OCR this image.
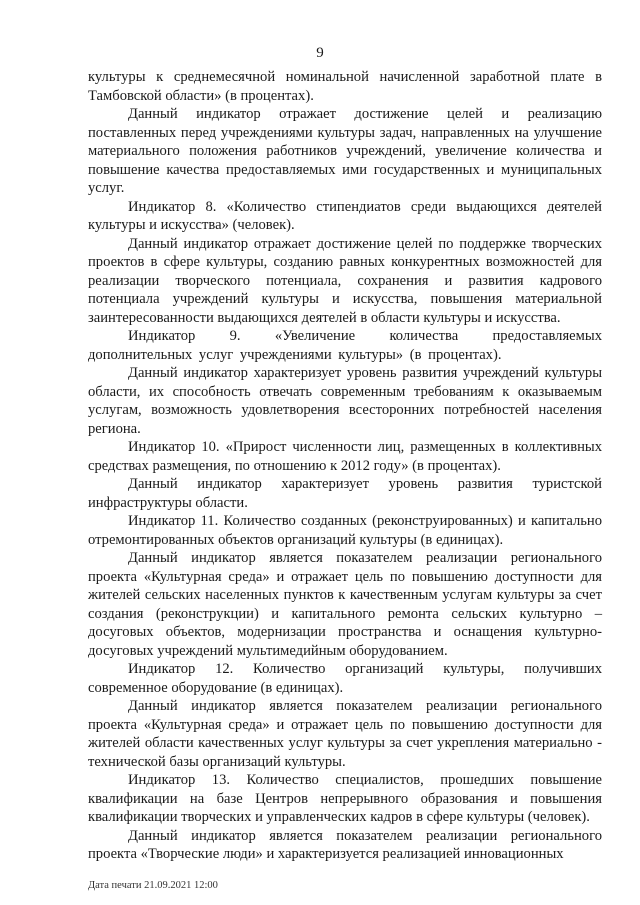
9

культуры к среднемесячной номинальной начисленной заработной плате в Тамбовской области» (в процентах).

Данный индикатор отражает достижение целей и реализацию поставленных перед учреждениями культуры задач, направленных на улучшение материального положения работников учреждений, увеличение количества и повышение качества предоставляемых ими государственных и муниципальных услуг.

Индикатор 8. «Количество стипендиатов среди выдающихся деятелей культуры и искусства» (человек).

Данный индикатор отражает достижение целей по поддержке творческих проектов в сфере культуры, созданию равных конкурентных возможностей для реализации творческого потенциала, сохранения и развития кадрового потенциала учреждений культуры и искусства, повышения материальной заинтересованности выдающихся деятелей в области культуры и искусства.

Индикатор 9. «Увеличение количества предоставляемых дополнительных услуг учреждениями культуры» (в процентах).

Данный индикатор характеризует уровень развития учреждений культуры области, их способность отвечать современным требованиям к оказываемым услугам, возможность удовлетворения всесторонних потребностей населения региона.

Индикатор 10. «Прирост численности лиц, размещенных в коллективных средствах размещения, по отношению к 2012 году» (в процентах).

Данный индикатор характеризует уровень развития туристской инфраструктуры области.

Индикатор 11. Количество созданных (реконструированных) и капитально отремонтированных объектов организаций культуры (в единицах).

Данный индикатор является показателем реализации регионального проекта «Культурная среда» и отражает цель по повышению доступности для жителей сельских населенных пунктов к качественным услугам культуры за счет создания (реконструкции) и капитального ремонта сельских культурно – досуговых объектов, модернизации пространства и оснащения культурно-досуговых учреждений мультимедийным оборудованием.

Индикатор 12. Количество организаций культуры, получивших современное оборудование (в единицах).

Данный индикатор является показателем реализации регионального проекта «Культурная среда» и отражает цель по повышению доступности для жителей области качественных услуг культуры за счет укрепления материально - технической базы организаций культуры.

Индикатор 13. Количество специалистов, прошедших повышение квалификации на базе Центров непрерывного образования и повышения квалификации творческих и управленческих кадров в сфере культуры (человек).

Данный индикатор является показателем реализации регионального проекта «Творческие люди» и характеризуется реализацией инновационных

Дата печати 21.09.2021 12:00
